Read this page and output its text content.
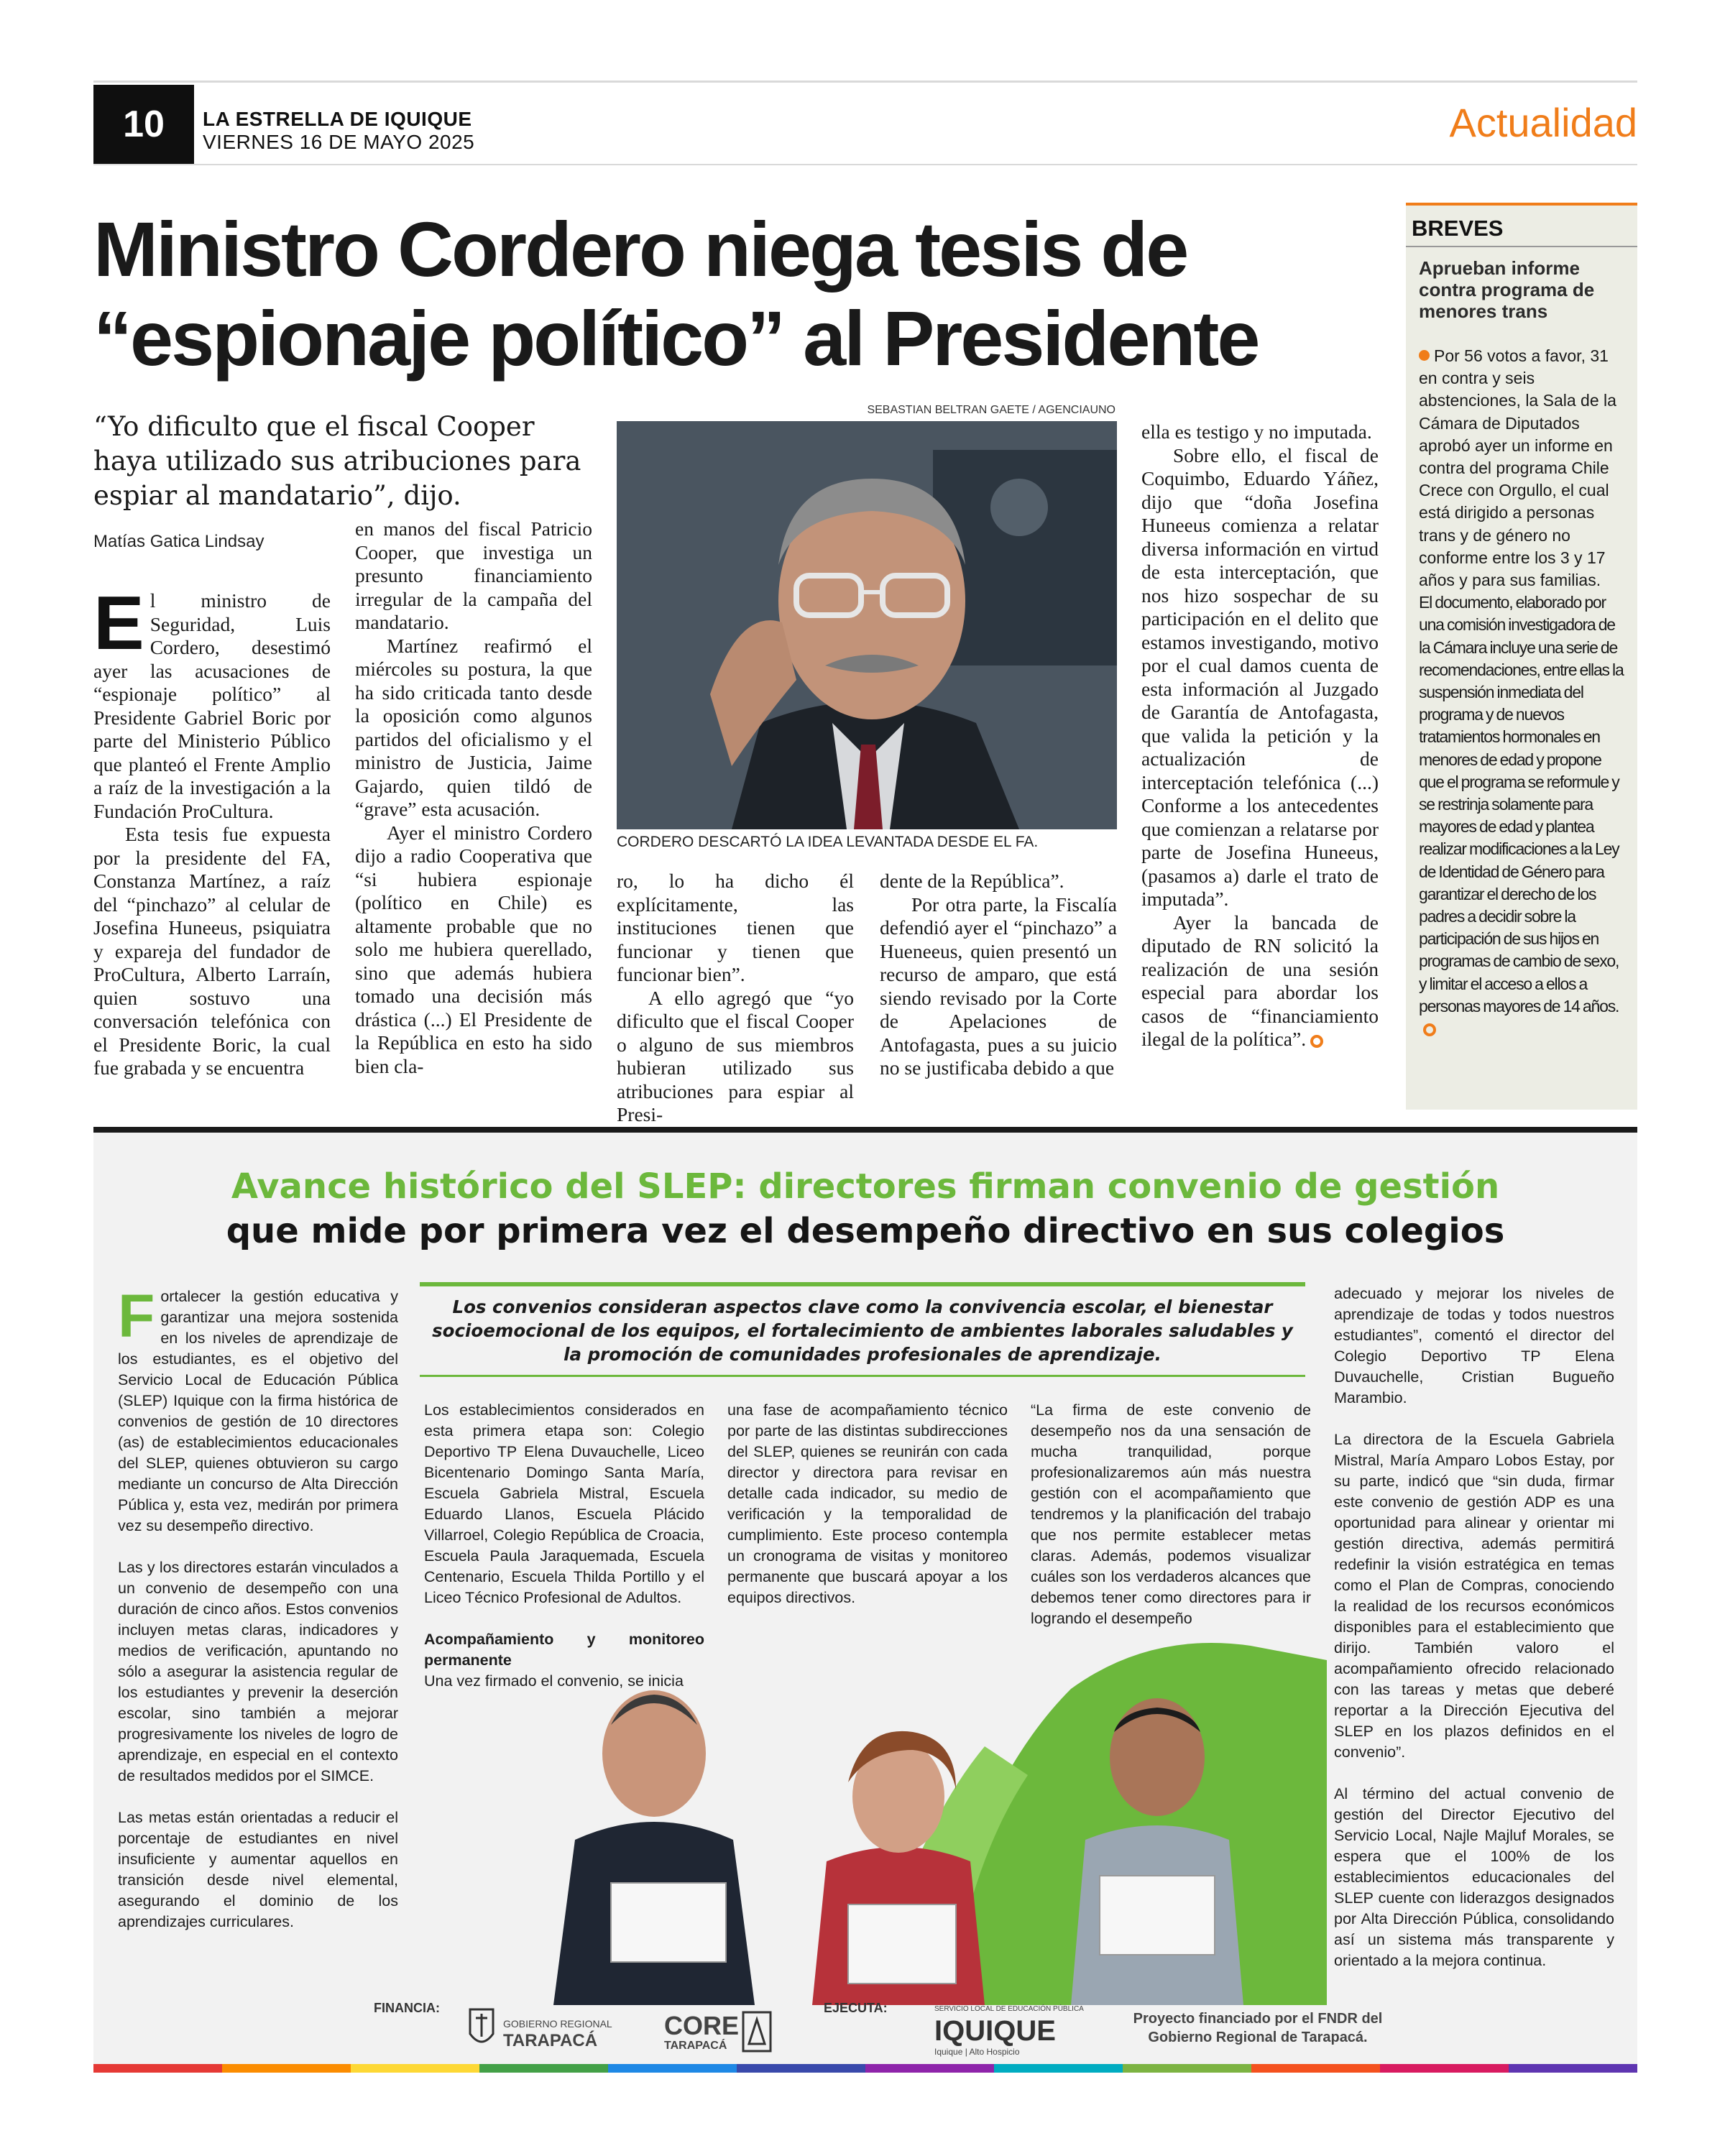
10	LA ESTRELLA DE IQUIQUE
VIERNES 16 DE MAYO 2025	Actualidad
Ministro Cordero niega tesis de
“espionaje político” al Presidente
“Yo dificulto que el fiscal Cooper haya utilizado sus atribuciones para espiar al mandatario”, dijo.
Matías Gatica Lindsay

El ministro de Seguridad, Luis Cordero, desestimó ayer las acusaciones de “espionaje político” al Presidente Gabriel Boric por parte del Ministerio Público que planteó el Frente Amplio a raíz de la investigación a la Fundación ProCultura.

Esta tesis fue expuesta por la presidente del FA, Constanza Martínez, a raíz del “pinchazo” al celular de Josefina Huneeus, psiquiatra y expareja del fundador de ProCultura, Alberto Larraín, quien sostuvo una conversación telefónica con el Presidente Boric, la cual fue grabada y se encuentra

en manos del fiscal Patricio Cooper, que investiga un presunto financiamiento irregular de la campaña del mandatario.

Martínez reafirmó el miércoles su postura, la que ha sido criticada tanto desde la oposición como algunos partidos del oficialismo y el ministro de Justicia, Jaime Gajardo, quien tildó de “grave” esta acusación.

Ayer el ministro Cordero dijo a radio Cooperativa que “si hubiera espionaje (político en Chile) es altamente probable que no solo me hubiera querellado, sino que además hubiera tomado una decisión más drástica (...) El Presidente de la República en esto ha sido bien cla-

SEBASTIAN BELTRAN GAETE / AGENCIAUNO
CORDERO DESCARTÓ LA IDEA LEVANTADA DESDE EL FA.

ro, lo ha dicho él explícitamente, las instituciones tienen que funcionar y tienen que funcionar bien”.

A ello agregó que “yo dificulto que el fiscal Cooper o alguno de sus miembros hubieran utilizado sus atribuciones para espiar al Presi-

dente de la República”.

Por otra parte, la Fiscalía defendió ayer el “pinchazo” a Hueneeus, quien presentó un recurso de amparo, que está siendo revisado por la Corte de Apelaciones de Antofagasta, pues a su juicio no se justificaba debido a que

ella es testigo y no imputada.

Sobre ello, el fiscal de Coquimbo, Eduardo Yáñez, dijo que “doña Josefina Huneeus comienza a relatar diversa información en virtud de esta interceptación, que nos hizo sospechar de su participación en el delito que estamos investigando, motivo por el cual damos cuenta de esta información al Juzgado de Garantía de Antofagasta, que valida la petición y la actualización de interceptación telefónica (...) Conforme a los antecedentes que comienzan a relatarse por parte de Josefina Huneeus, (pasamos a) darle el trato de imputada”.

Ayer la bancada de diputado de RN solicitó la realización de una sesión especial para abordar los casos de “financiamiento ilegal de la política”.

BREVES
Aprueban informe contra programa de menores trans

Por 56 votos a favor, 31 en contra y seis abstenciones, la Sala de la Cámara de Diputados aprobó ayer un informe en contra del programa Chile Crece con Orgullo, el cual está dirigido a personas trans y de género no conforme entre los 3 y 17 años y para sus familias.

El documento, elaborado por una comisión investigadora de la Cámara incluye una serie de recomendaciones, entre ellas la suspensión inmediata del programa y de nuevos tratamientos hormonales en menores de edad y propone que el programa se reformule y se restrinja solamente para mayores de edad y plantea realizar modificaciones a la Ley de Identidad de Género para garantizar el derecho de los padres a decidir sobre la participación de sus hijos en programas de cambio de sexo, y limitar el acceso a ellos a personas mayores de 14 años.

Avance histórico del SLEP: directores firman convenio de gestión
que mide por primera vez el desempeño directivo en sus colegios

Fortalecer la gestión educativa y garantizar una mejora sostenida en los niveles de aprendizaje de los estudiantes, es el objetivo del Servicio Local de Educación Pública (SLEP) Iquique con la firma histórica de convenios de gestión de 10 directores (as) de establecimientos educacionales del SLEP, quienes obtuvieron su cargo mediante un concurso de Alta Dirección Pública y, esta vez, medirán por primera vez su desempeño directivo.

Las y los directores estarán vinculados a un convenio de desempeño con una duración de cinco años. Estos convenios incluyen metas claras, indicadores y medios de verificación, apuntando no sólo a asegurar la asistencia regular de los estudiantes y prevenir la deserción escolar, sino también a mejorar progresivamente los niveles de logro de aprendizaje, en especial en el contexto de resultados medidos por el SIMCE.

Las metas están orientadas a reducir el porcentaje de estudiantes en nivel insuficiente y aumentar aquellos en transición desde nivel elemental, asegurando el dominio de los aprendizajes curriculares.

Los convenios consideran aspectos clave como la convivencia escolar, el bienestar socioemocional de los equipos, el fortalecimiento de ambientes laborales saludables y la promoción de comunidades profesionales de aprendizaje.

Los establecimientos considerados en esta primera etapa son: Colegio Deportivo TP Elena Duvauchelle, Liceo Bicentenario Domingo Santa María, Escuela Gabriela Mistral, Escuela Eduardo Llanos, Escuela Plácido Villarroel, Colegio República de Croacia, Escuela Paula Jaraquemada, Escuela Centenario, Escuela Thilda Portillo y el Liceo Técnico Profesional de Adultos.

Acompañamiento y monitoreo permanente

Una vez firmado el convenio, se inicia

una fase de acompañamiento técnico por parte de las distintas subdirecciones del SLEP, quienes se reunirán con cada director y directora para revisar en detalle cada indicador, su medio de verificación y la temporalidad de cumplimiento. Este proceso contempla un cronograma de visitas y monitoreo permanente que buscará apoyar a los equipos directivos.

“La firma de este convenio de desempeño nos da una sensación de mucha tranquilidad, porque profesionalizaremos aún más nuestra gestión con el acompañamiento que tendremos y la planificación del trabajo que nos permite establecer metas claras. Además, podemos visualizar cuáles son los verdaderos alcances que debemos tener como directores para ir logrando el desempeño

adecuado y mejorar los niveles de aprendizaje de todas y todos nuestros estudiantes”, comentó el director del Colegio Deportivo TP Elena Duvauchelle, Cristian Bugueño Marambio.

La directora de la Escuela Gabriela Mistral, María Amparo Lobos Estay, por su parte, indicó que “sin duda, firmar este convenio de gestión ADP es una oportunidad para alinear y orientar mi gestión directiva, además permitirá redefinir la visión estratégica en temas como el Plan de Compras, conociendo la realidad de los recursos económicos disponibles para el establecimiento que dirijo. También valoro el acompañamiento ofrecido relacionado con las tareas y metas que deberé reportar a la Dirección Ejecutiva del SLEP en los plazos definidos en el convenio”.

Al término del actual convenio de gestión del Director Ejecutivo del Servicio Local, Najle Majluf Morales, se espera que el 100% de los establecimientos educacionales del SLEP cuente con liderazgos designados por Alta Dirección Pública, consolidando así un sistema más transparente y orientado a la mejora continua.

FINANCIA:
GOBIERNO REGIONAL
TARAPACÁ
CORE
TARAPACÁ
EJECUTA:	SERVICIO LOCAL DE EDUCACIÓN PÚBLICA
IQUIQUE
Iquique | Alto Hospicio
Proyecto financiado por el FNDR del
Gobierno Regional de Tarapacá.
